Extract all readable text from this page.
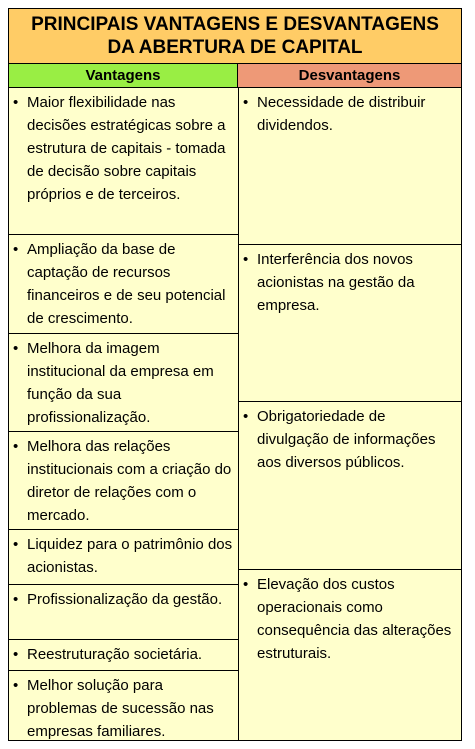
PRINCIPAIS VANTAGENS E DESVANTAGENS
DA ABERTURA DE CAPITAL
Vantagens	Desvantagens
• Maior flexibilidade nas decisões estratégicas sobre a estrutura de capitais - tomada de decisão sobre capitais próprios e de terceiros.
• Ampliação da base de captação de recursos financeiros e de seu potencial de crescimento.
• Melhora da imagem institucional da empresa em função da sua profissionalização.
• Melhora das relações institucionais com a criação do diretor de relações com o mercado.
• Liquidez para o patrimônio dos acionistas.
• Profissionalização da gestão.
• Reestruturação societária.
• Melhor solução para problemas de sucessão nas empresas familiares.
• Necessidade de distribuir dividendos.
• Interferência dos novos acionistas na gestão da empresa.
• Obrigatoriedade de divulgação de informações aos diversos públicos.
• Elevação dos custos operacionais como consequência das alterações estruturais.
